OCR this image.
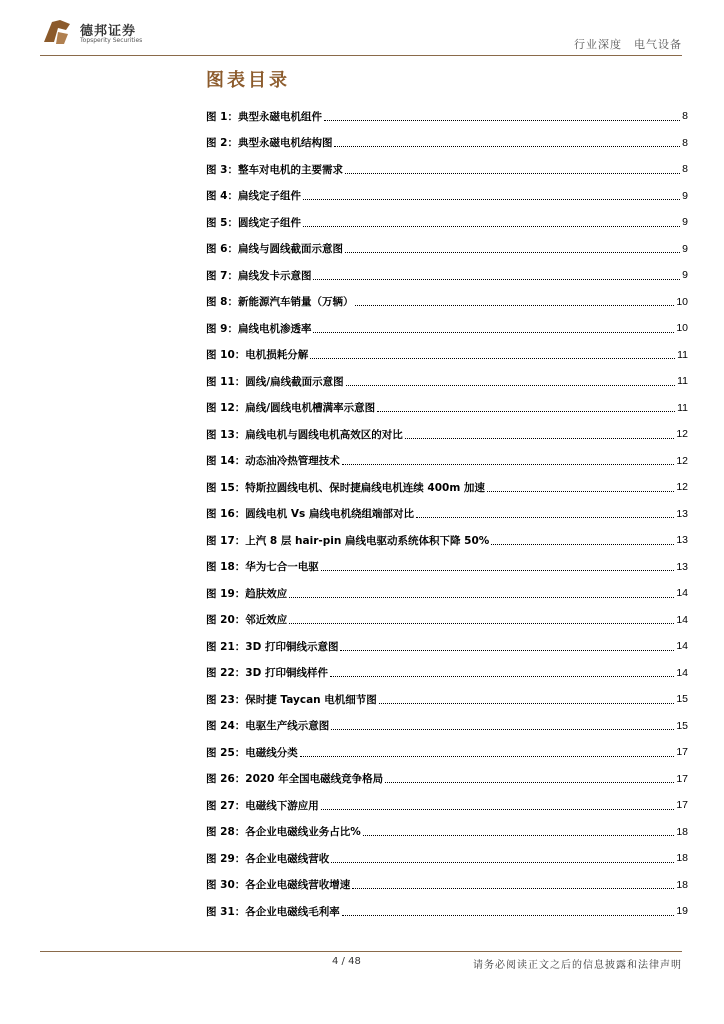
德邦证券
Topsperity Securities	行业深度　电气设备
图表目录
图 1：典型永磁电机组件	8
图 2：典型永磁电机结构图	8
图 3：整车对电机的主要需求	8
图 4：扁线定子组件	9
图 5：圆线定子组件	9
图 6：扁线与圆线截面示意图	9
图 7：扁线发卡示意图	9
图 8：新能源汽车销量（万辆）	10
图 9：扁线电机渗透率	10
图 10：电机损耗分解	11
图 11：圆线/扁线截面示意图	11
图 12：扁线/圆线电机槽满率示意图	11
图 13：扁线电机与圆线电机高效区的对比	12
图 14：动态油冷热管理技术	12
图 15：特斯拉圆线电机、保时捷扁线电机连续 400m 加速	12
图 16：圆线电机 Vs 扁线电机绕组端部对比	13
图 17：上汽 8 层 hair-pin 扁线电驱动系统体积下降 50%	13
图 18：华为七合一电驱	13
图 19：趋肤效应	14
图 20：邻近效应	14
图 21：3D 打印铜线示意图	14
图 22：3D 打印铜线样件	14
图 23：保时捷 Taycan 电机细节图	15
图 24：电驱生产线示意图	15
图 25：电磁线分类	17
图 26：2020 年全国电磁线竞争格局	17
图 27：电磁线下游应用	17
图 28：各企业电磁线业务占比%	18
图 29：各企业电磁线营收	18
图 30：各企业电磁线营收增速	18
图 31：各企业电磁线毛利率	19
4 / 48	请务必阅读正文之后的信息披露和法律声明
